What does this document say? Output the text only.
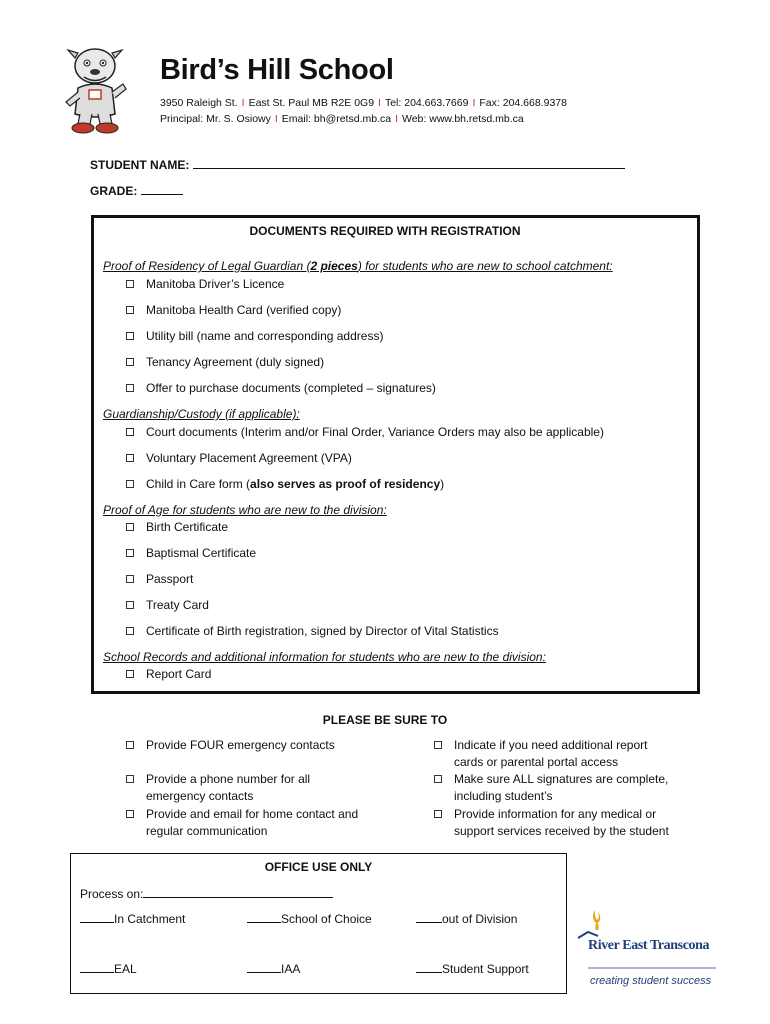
Bird’s Hill School
3950 Raleigh St. I East St. Paul MB R2E 0G9 I Tel: 204.663.7669 I Fax: 204.668.9378
Principal: Mr. S. Osiowy I Email: bh@retsd.mb.ca I Web: www.bh.retsd.mb.ca
STUDENT NAME:
GRADE:
DOCUMENTS REQUIRED WITH REGISTRATION
Proof of Residency of Legal Guardian (2 pieces) for students who are new to school catchment:
Manitoba Driver’s Licence
Manitoba Health Card (verified copy)
Utility bill (name and corresponding address)
Tenancy Agreement (duly signed)
Offer to purchase documents (completed – signatures)
Guardianship/Custody (if applicable):
Court documents (Interim and/or Final Order, Variance Orders may also be applicable)
Voluntary Placement Agreement (VPA)
Child in Care form ( also serves as proof of residency )
Proof of Age for students who are new to the division:
Birth Certificate
Baptismal Certificate
Passport
Treaty Card
Certificate of Birth registration, signed by Director of Vital Statistics
School Records and additional information for students who are new to the division:
Report Card
PLEASE BE SURE TO
Provide FOUR emergency contacts
Provide a phone number for all emergency contacts
Provide and email for home contact and regular communication
Indicate if you need additional report cards or parental portal access
Make sure ALL signatures are complete, including student’s
Provide information for any medical or support services received by the student
OFFICE USE ONLY
Process on:
In Catchment	School of Choice	out of Division
EAL	IAA	Student Support
River East Transcona
creating student success
